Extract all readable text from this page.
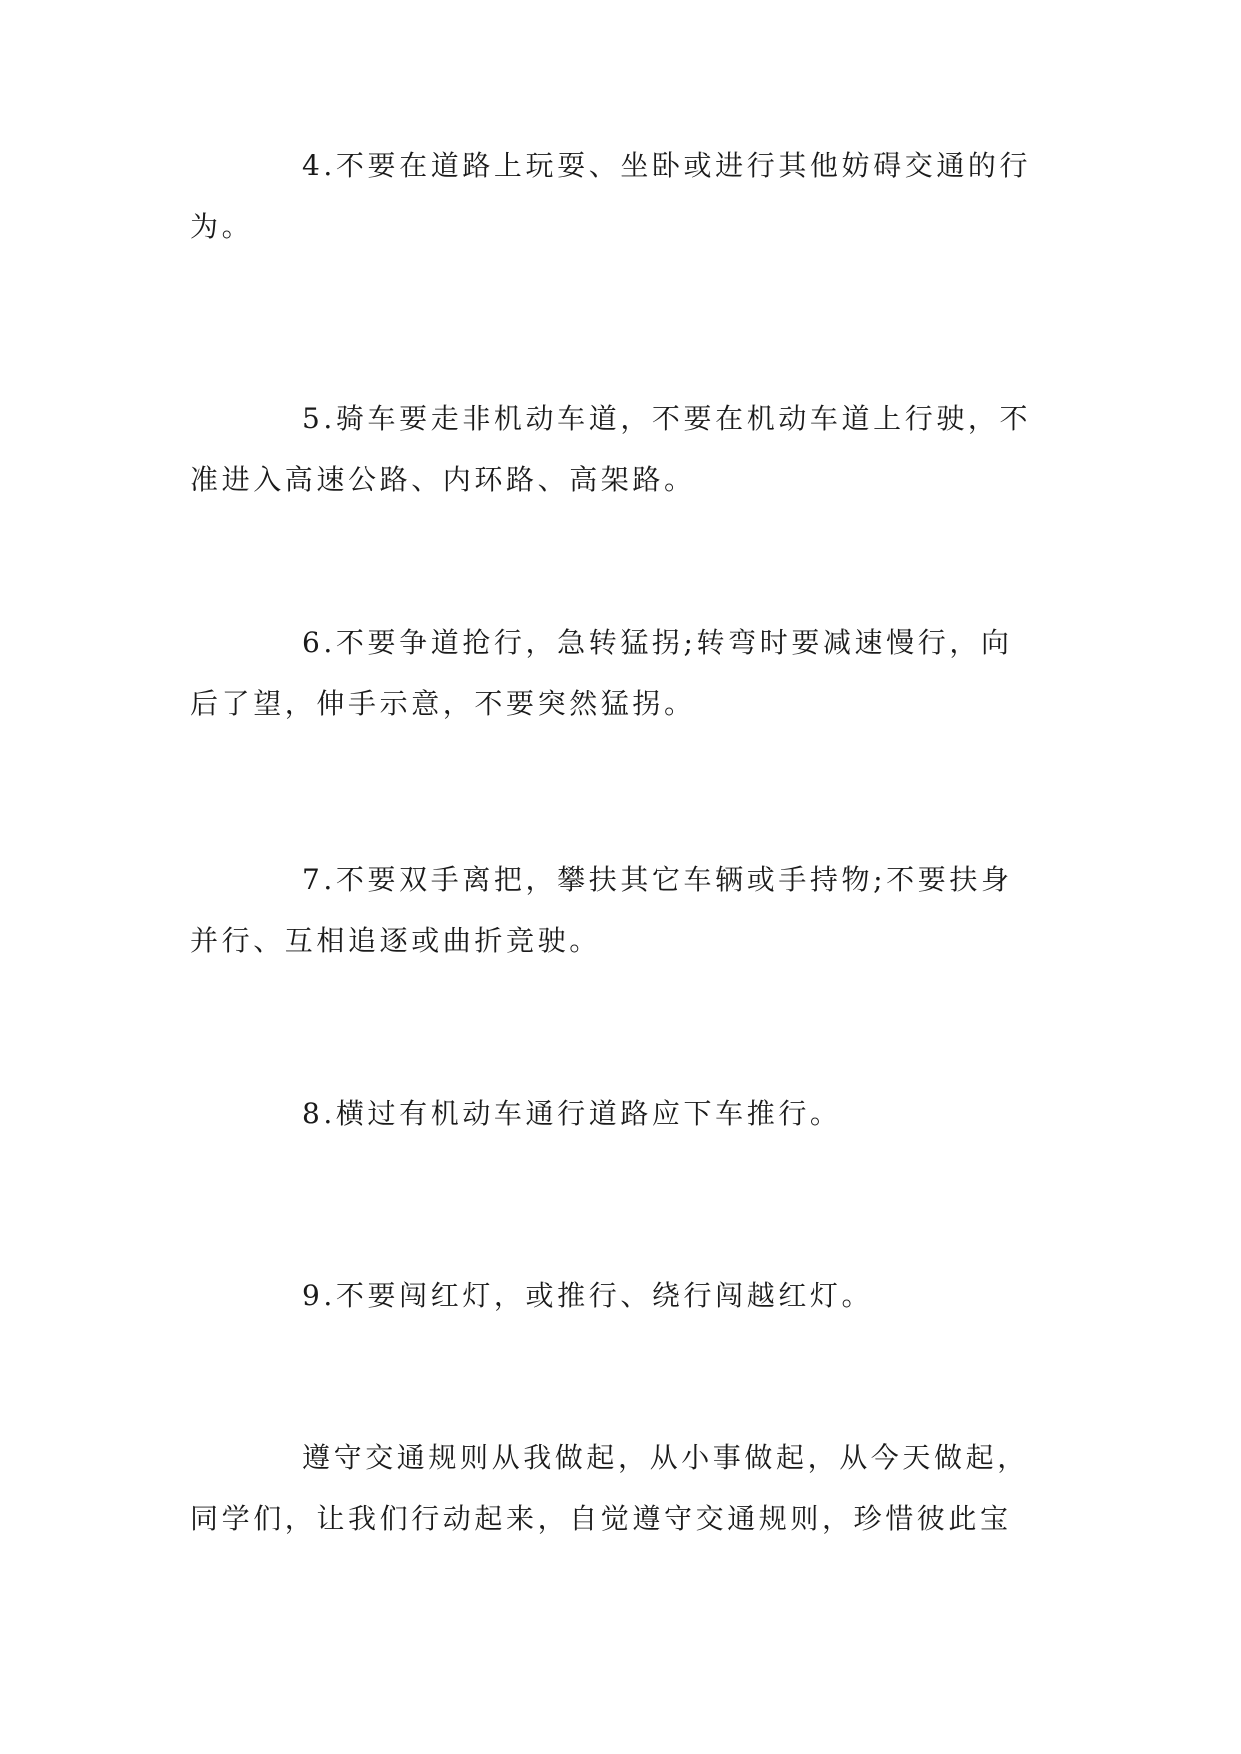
4.不要在道路上玩耍、坐卧或进行其他妨碍交通的行
为。
5.骑车要走非机动车道，不要在机动车道上行驶，不
准进入高速公路、内环路、高架路。
6.不要争道抢行，急转猛拐;转弯时要减速慢行，向
后了望，伸手示意，不要突然猛拐。
7.不要双手离把，攀扶其它车辆或手持物;不要扶身
并行、互相追逐或曲折竞驶。
8.横过有机动车通行道路应下车推行。
9.不要闯红灯，或推行、绕行闯越红灯。
遵守交通规则从我做起，从小事做起，从今天做起，
同学们，让我们行动起来，自觉遵守交通规则，珍惜彼此宝
